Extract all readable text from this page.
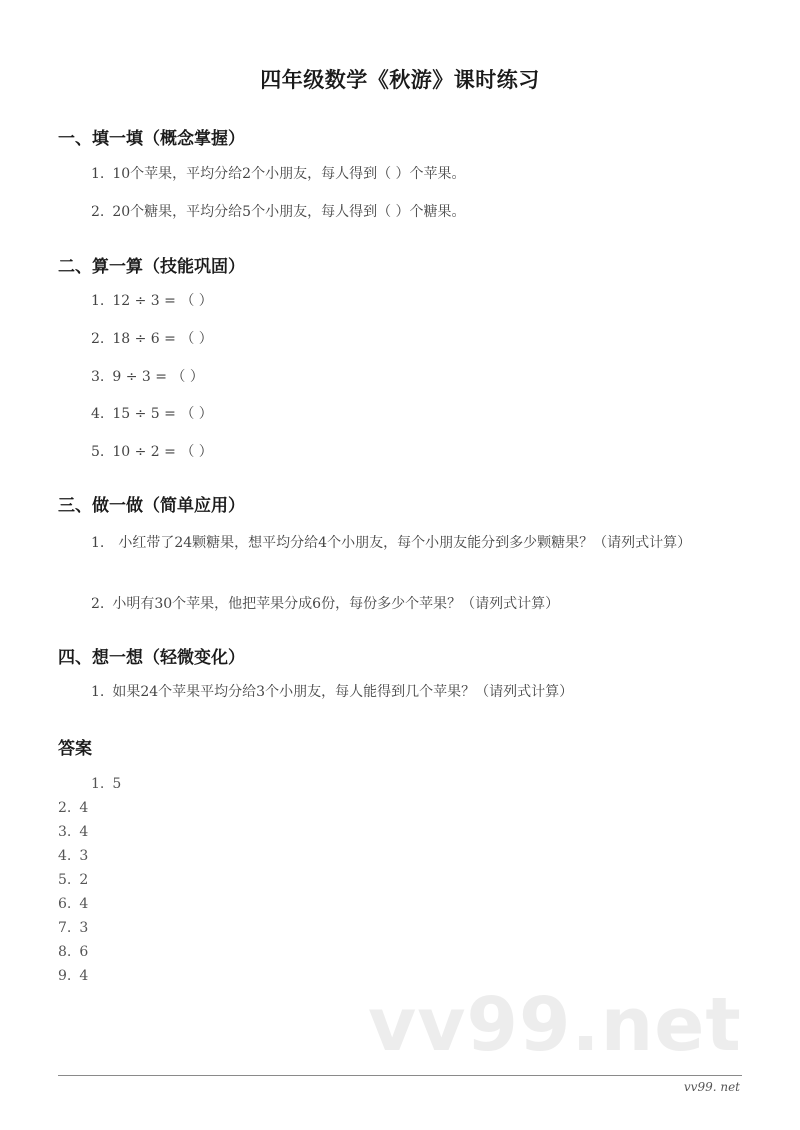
四年级数学《秋游》课时练习
一、填一填（概念掌握）
1. 10个苹果，平均分给2个小朋友，每人得到（ ）个苹果。
2. 20个糖果，平均分给5个小朋友，每人得到（ ）个糖果。
二、算一算（技能巩固）
1. 12 ÷ 3 = （ ）
2. 18 ÷ 6 = （ ）
3. 9 ÷ 3 = （ ）
4. 15 ÷ 5 = （ ）
5. 10 ÷ 2 = （ ）
三、做一做（简单应用）
1. 小红带了24颗糖果，想平均分给4个小朋友，每个小朋友能分到多少颗糖果？（请列式计算）
2. 小明有30个苹果，他把苹果分成6份，每份多少个苹果？（请列式计算）
四、想一想（轻微变化）
1. 如果24个苹果平均分给3个小朋友，每人能得到几个苹果？（请列式计算）
答案
1. 5
2. 4
3. 4
4. 3
5. 2
6. 4
7. 3
8. 6
9. 4
vv99.net
vv99. net
